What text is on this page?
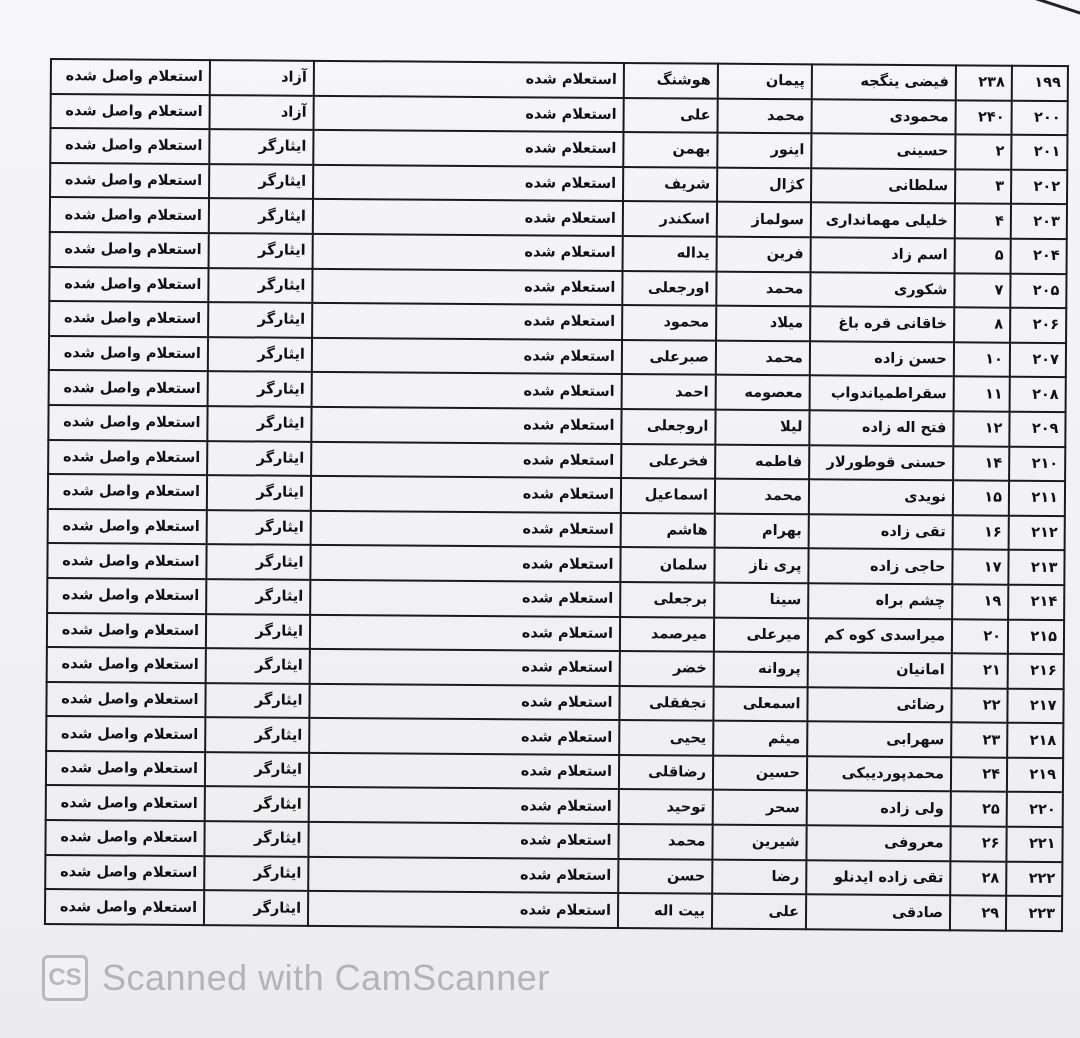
۱۹۹	۲۳۸	فیضی ینگجه	پیمان	هوشنگ	استعلام شده	آزاد	استعلام واصل شده
۲۰۰	۲۴۰	محمودی	محمد	علی	استعلام شده	آزاد	استعلام واصل شده
۲۰۱	۲	حسینی	اینور	بهمن	استعلام شده	ایثارگر	استعلام واصل شده
۲۰۲	۳	سلطانی	کژال	شریف	استعلام شده	ایثارگر	استعلام واصل شده
۲۰۳	۴	خلیلی مهمانداری	سولماز	اسکندر	استعلام شده	ایثارگر	استعلام واصل شده
۲۰۴	۵	اسم زاد	فرین	یداله	استعلام شده	ایثارگر	استعلام واصل شده
۲۰۵	۷	شکوری	محمد	اورجعلی	استعلام شده	ایثارگر	استعلام واصل شده
۲۰۶	۸	خاقانی قره باغ	میلاد	محمود	استعلام شده	ایثارگر	استعلام واصل شده
۲۰۷	۱۰	حسن زاده	محمد	صبرعلی	استعلام شده	ایثارگر	استعلام واصل شده
۲۰۸	۱۱	سقراطمیاندواب	معصومه	احمد	استعلام شده	ایثارگر	استعلام واصل شده
۲۰۹	۱۲	فتح اله زاده	لیلا	اروجعلی	استعلام شده	ایثارگر	استعلام واصل شده
۲۱۰	۱۴	حسنی قوطورلار	فاطمه	فخرعلی	استعلام شده	ایثارگر	استعلام واصل شده
۲۱۱	۱۵	نویدی	محمد	اسماعیل	استعلام شده	ایثارگر	استعلام واصل شده
۲۱۲	۱۶	تقی زاده	بهرام	هاشم	استعلام شده	ایثارگر	استعلام واصل شده
۲۱۳	۱۷	حاجی زاده	پری ناز	سلمان	استعلام شده	ایثارگر	استعلام واصل شده
۲۱۴	۱۹	چشم براه	سینا	برجعلی	استعلام شده	ایثارگر	استعلام واصل شده
۲۱۵	۲۰	میراسدی کوه کم	میرعلی	میرصمد	استعلام شده	ایثارگر	استعلام واصل شده
۲۱۶	۲۱	امانیان	پروانه	خضر	استعلام شده	ایثارگر	استعلام واصل شده
۲۱۷	۲۲	رضائی	اسمعلی	نجفقلی	استعلام شده	ایثارگر	استعلام واصل شده
۲۱۸	۲۳	سهرابی	میثم	یحیی	استعلام شده	ایثارگر	استعلام واصل شده
۲۱۹	۲۴	محمدپوردیبکی	حسین	رضاقلی	استعلام شده	ایثارگر	استعلام واصل شده
۲۲۰	۲۵	ولی زاده	سحر	توحید	استعلام شده	ایثارگر	استعلام واصل شده
۲۲۱	۲۶	معروفی	شیرین	محمد	استعلام شده	ایثارگر	استعلام واصل شده
۲۲۲	۲۸	تقی زاده ایدنلو	رضا	حسن	استعلام شده	ایثارگر	استعلام واصل شده
۲۲۳	۲۹	صادقی	علی	بیت اله	استعلام شده	ایثارگر	استعلام واصل شده
CS Scanned with CamScanner
